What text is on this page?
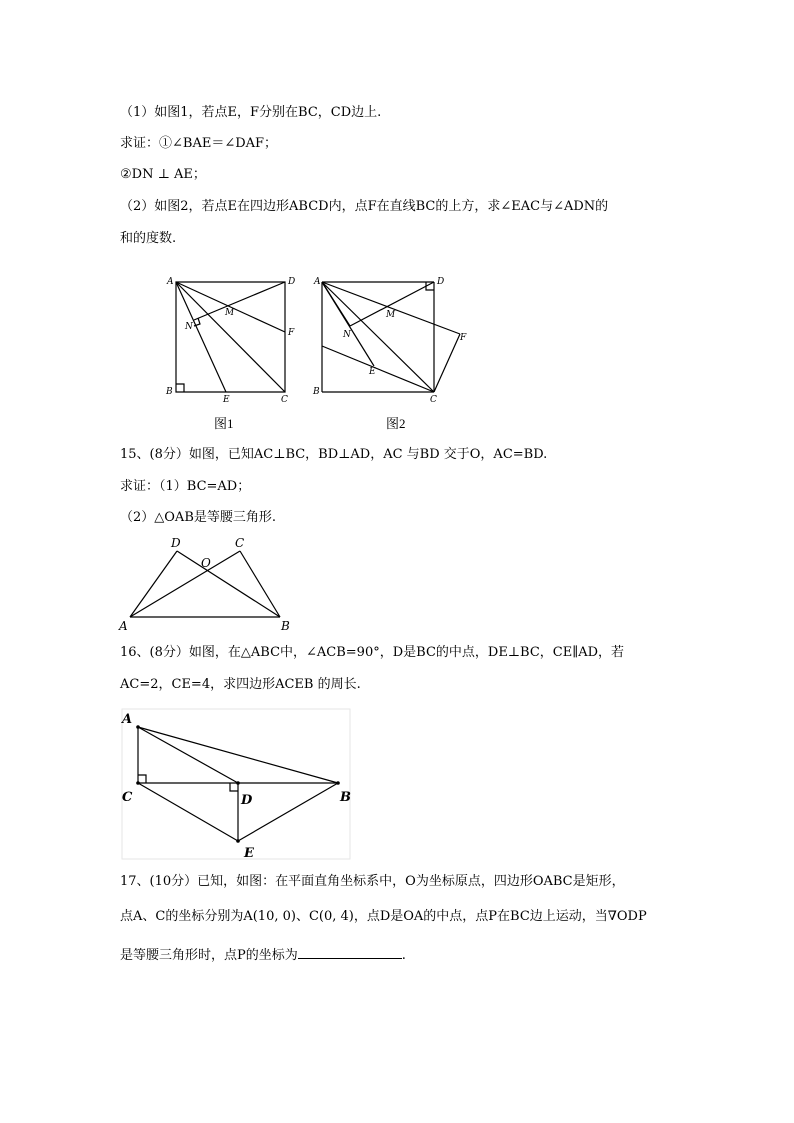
（1）如图1，若点E，F分别在BC，CD边上.
求证：①∠BAE＝∠DAF；
②DN ⊥ AE；
（2）如图2，若点E在四边形ABCD内，点F在直线BC的上方，求∠EAC与∠ADN的
和的度数.
A	D
F
M
N
B
E	C
图1
A	D
F
M
N
E
B
C
图2
15、(8分）如图，已知AC⊥BC，BD⊥AD，AC 与BD 交于O，AC=BD.
求证：（1）BC=AD；
（2）△OAB是等腰三角形.
A	B
C
D
O
16、(8分）如图，在△ABC中，∠ACB=90°，D是BC的中点，DE⊥BC，CE∥AD，若
AC=2，CE=4，求四边形ACEB 的周长.
A
C	D	B
E
17、(10分）已知，如图：在平面直角坐标系中，O为坐标原点，四边形OABC是矩形，
点A、C的坐标分别为A(10, 0)、C(0, 4)，点D是OA的中点，点P在BC边上运动，当∇ODP
是等腰三角形时，点P的坐标为	.
